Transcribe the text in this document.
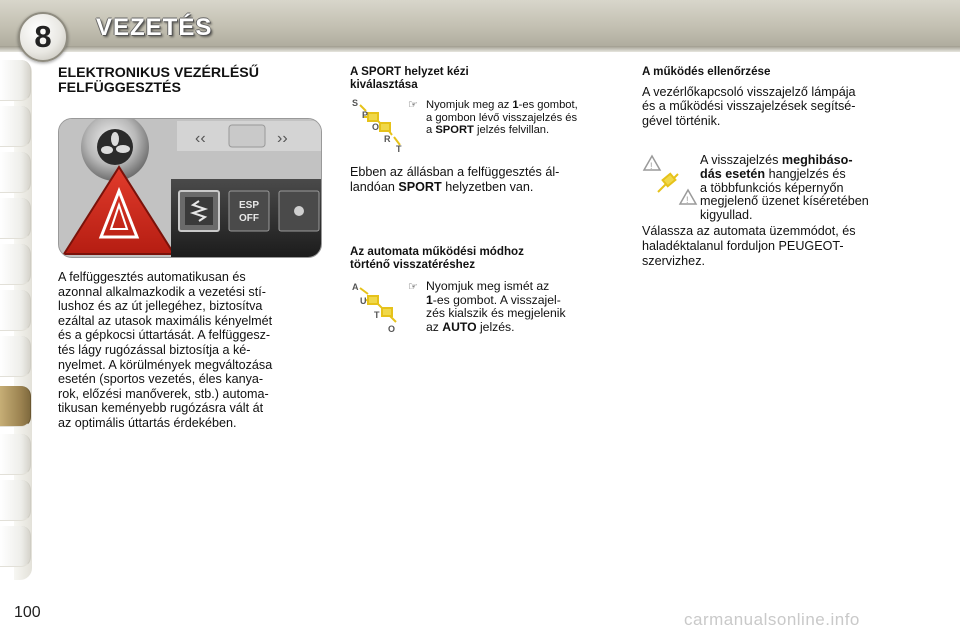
8 VEZETÉS
ELEKTRONIKUS VEZÉRLÉSŰ
FELFÜGGESZTÉS
‹‹	››
ESP
OFF
A felfüggesztés automatikusan és
azonnal alkalmazkodik a vezetési stí-
lushoz és az út jellegéhez, biztosítva
ezáltal az utasok maximális kényelmét
és a gépkocsi úttartását. A felfüggesz-
tés lágy rugózással biztosítja a ké-
nyelmet. A körülmények megváltozása
esetén (sportos vezetés, éles kanya-
rok, előzési manőverek, stb.) automa-
tikusan keményebb rugózásra vált át
az optimális úttartás érdekében.
A SPORT helyzet kézi
kiválasztása
S
P
O
R
T
☞ Nyomjuk meg az 1-es gombot,
a gombon lévő visszajelzés és
a SPORT jelzés felvillan.
Ebben az állásban a felfüggesztés ál-
landóan SPORT helyzetben van.
Az automata működési módhoz
történő visszatéréshez
A
U
T
O
☞ Nyomjuk meg ismét az
1-es gombot. A visszajel-
zés kialszik és megjelenik
az AUTO jelzés.
A működés ellenőrzése
A vezérlőkapcsoló visszajelző lámpája
és a működési visszajelzések segítsé-
gével történik.
!
!
A visszajelzés meghibáso-
dás esetén hangjelzés és
a többfunkciós képernyőn
megjelenő üzenet kíséretében
kigyullad.
Válassza az automata üzemmódot, és
haladéktalanul forduljon PEUGEOT-
szervizhez.
100	carmanualsonline.info
